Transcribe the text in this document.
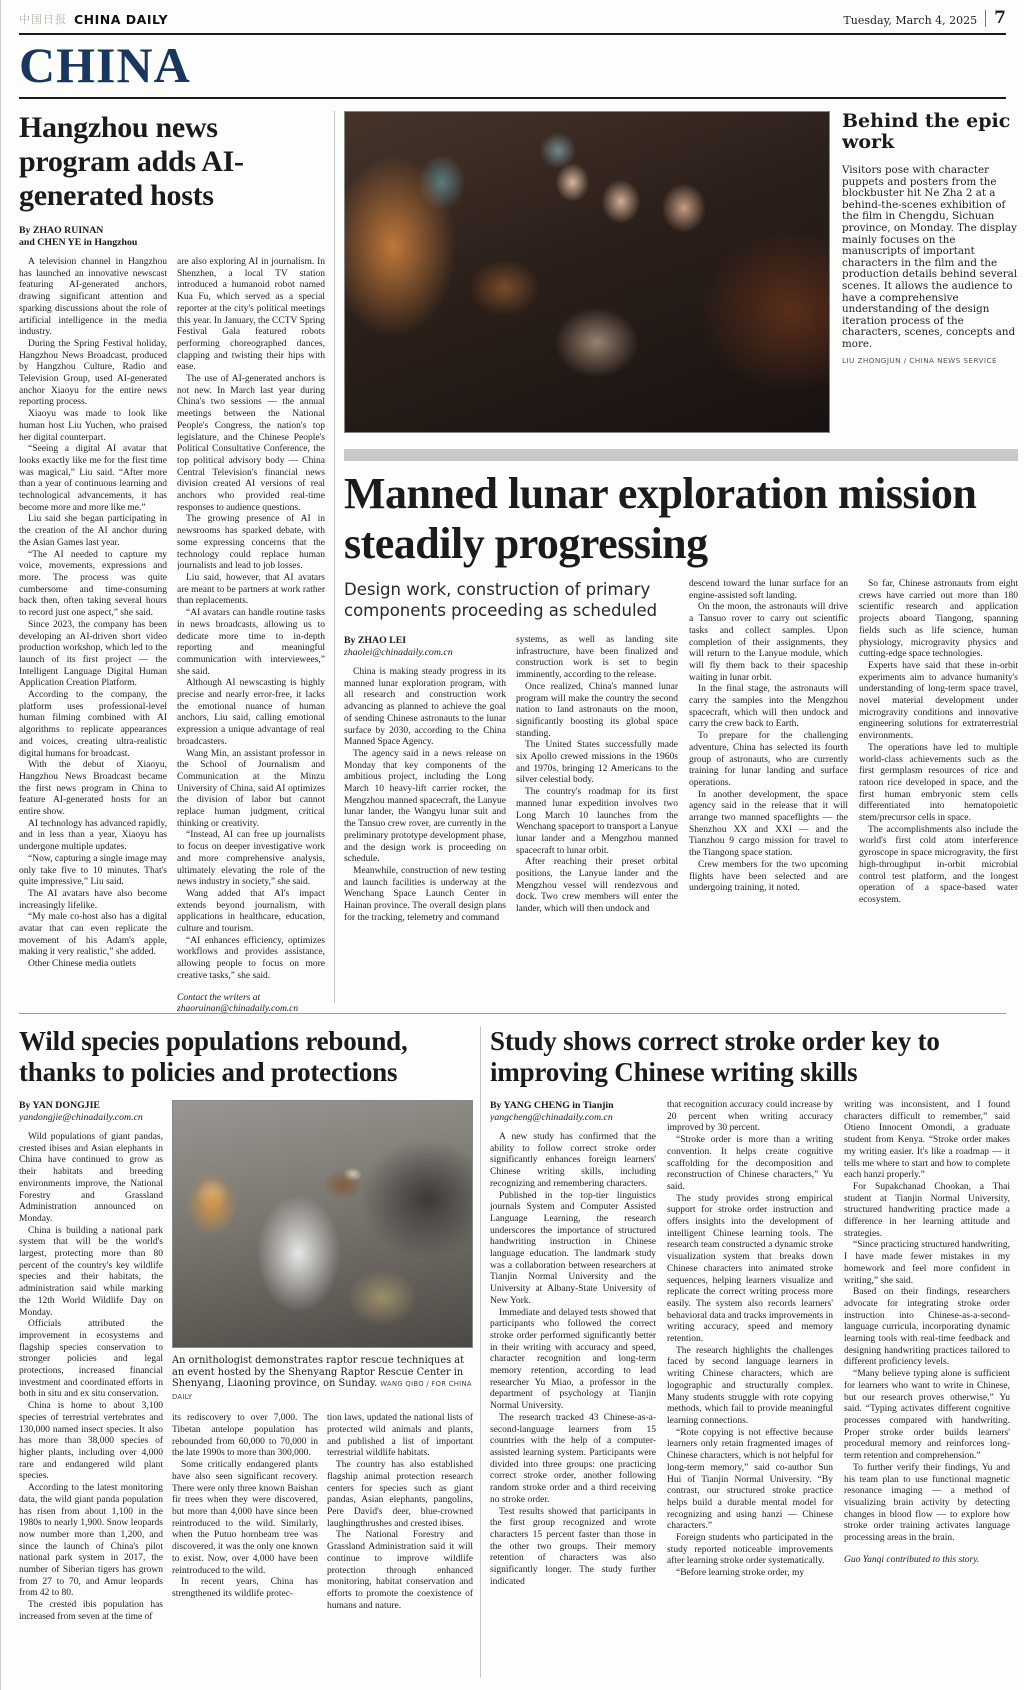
中国日报 CHINA DAILY	Tuesday, March 4, 2025	7
CHINA
Hangzhou news program adds AI-generated hosts
By ZHAO RUINAN
and CHEN YE in Hangzhou

A television channel in Hangzhou has launched an innovative newscast featuring AI-generated anchors, drawing significant attention and sparking discussions about the role of artificial intelligence in the media industry.

During the Spring Festival holiday, Hangzhou News Broadcast, produced by Hangzhou Culture, Radio and Television Group, used AI-generated anchor Xiaoyu for the entire news reporting process.

Xiaoyu was made to look like human host Liu Yuchen, who praised her digital counterpart.

“Seeing a digital AI avatar that looks exactly like me for the first time was magical,” Liu said. “After more than a year of continuous learning and technological advancements, it has become more and more like me.”

Liu said she began participating in the creation of the AI anchor during the Asian Games last year.

“The AI needed to capture my voice, movements, expressions and more. The process was quite cumbersome and time-consuming back then, often taking several hours to record just one aspect,” she said.

Since 2023, the company has been developing an AI-driven short video production workshop, which led to the launch of its first project — the Intelligent Language Digital Human Application Creation Platform.

According to the company, the platform uses professional-level human filming combined with AI algorithms to replicate appearances and voices, creating ultra-realistic digital humans for broadcast.

With the debut of Xiaoyu, Hangzhou News Broadcast became the first news program in China to feature AI-generated hosts for an entire show.

AI technology has advanced rapidly, and in less than a year, Xiaoyu has undergone multiple updates.

“Now, capturing a single image may only take five to 10 minutes. That's quite impressive,” Liu said.

The AI avatars have also become increasingly lifelike.

“My male co-host also has a digital avatar that can even replicate the movement of his Adam's apple, making it very realistic,” she added.

Other Chinese media outlets

are also exploring AI in journalism. In Shenzhen, a local TV station introduced a humanoid robot named Kua Fu, which served as a special reporter at the city's political meetings this year. In January, the CCTV Spring Festival Gala featured robots performing choreographed dances, clapping and twisting their hips with ease.

The use of AI-generated anchors is not new. In March last year during China's two sessions — the annual meetings between the National People's Congress, the nation's top legislature, and the Chinese People's Political Consultative Conference, the top political advisory body — China Central Television's financial news division created AI versions of real anchors who provided real-time responses to audience questions.

The growing presence of AI in newsrooms has sparked debate, with some expressing concerns that the technology could replace human journalists and lead to job losses.

Liu said, however, that AI avatars are meant to be partners at work rather than replacements.

“AI avatars can handle routine tasks in news broadcasts, allowing us to dedicate more time to in-depth reporting and meaningful communication with interviewees,” she said.

Although AI newscasting is highly precise and nearly error-free, it lacks the emotional nuance of human anchors, Liu said, calling emotional expression a unique advantage of real broadcasters.

Wang Min, an assistant professor in the School of Journalism and Communication at the Minzu University of China, said AI optimizes the division of labor but cannot replace human judgment, critical thinking or creativity.

“Instead, AI can free up journalists to focus on deeper investigative work and more comprehensive analysis, ultimately elevating the role of the news industry in society,” she said.

Wang added that AI's impact extends beyond journalism, with applications in healthcare, education, culture and tourism.

“AI enhances efficiency, optimizes workflows and provides assistance, allowing people to focus on more creative tasks,” she said.

Contact the writers at zhaoruinan@chinadaily.com.cn
Behind the epic work
Visitors pose with character puppets and posters from the blockbuster hit Ne Zha 2 at a behind-the-scenes exhibition of the film in Chengdu, Sichuan province, on Monday. The display mainly focuses on the manuscripts of important characters in the film and the production details behind several scenes. It allows the audience to have a comprehensive understanding of the design iteration process of the characters, scenes, concepts and more.
LIU ZHONGJUN / CHINA NEWS SERVICE
Manned lunar exploration mission steadily progressing
Design work, construction of primary components proceeding as scheduled
By ZHAO LEI
zhaolei@chinadaily.com.cn

China is making steady progress in its manned lunar exploration program, with all research and construction work advancing as planned to achieve the goal of sending Chinese astronauts to the lunar surface by 2030, according to the China Manned Space Agency.

The agency said in a news release on Monday that key components of the ambitious project, including the Long March 10 heavy-lift carrier rocket, the Mengzhou manned spacecraft, the Lanyue lunar lander, the Wangyu lunar suit and the Tansuo crew rover, are currently in the preliminary prototype development phase, and the design work is proceeding on schedule.

Meanwhile, construction of new testing and launch facilities is underway at the Wenchang Space Launch Center in Hainan province. The overall design plans for the tracking, telemetry and command

systems, as well as landing site infrastructure, have been finalized and construction work is set to begin imminently, according to the release.

Once realized, China's manned lunar program will make the country the second nation to land astronauts on the moon, significantly boosting its global space standing.

The United States successfully made six Apollo crewed missions in the 1960s and 1970s, bringing 12 Americans to the silver celestial body.

The country's roadmap for its first manned lunar expedition involves two Long March 10 launches from the Wenchang spaceport to transport a Lanyue lunar lander and a Mengzhou manned spacecraft to lunar orbit.

After reaching their preset orbital positions, the Lanyue lander and the Mengzhou vessel will rendezvous and dock. Two crew members will enter the lander, which will then undock and

descend toward the lunar surface for an engine-assisted soft landing.

On the moon, the astronauts will drive a Tansuo rover to carry out scientific tasks and collect samples. Upon completion of their assignments, they will return to the Lanyue module, which will fly them back to their spaceship waiting in lunar orbit.

In the final stage, the astronauts will carry the samples into the Mengzhou spacecraft, which will then undock and carry the crew back to Earth.

To prepare for the challenging adventure, China has selected its fourth group of astronauts, who are currently training for lunar landing and surface operations.

In another development, the space agency said in the release that it will arrange two manned spaceflights — the Shenzhou XX and XXI — and the Tianzhou 9 cargo mission for travel to the Tiangong space station.

Crew members for the two upcoming flights have been selected and are undergoing training, it noted.

So far, Chinese astronauts from eight crews have carried out more than 180 scientific research and application projects aboard Tiangong, spanning fields such as life science, human physiology, microgravity physics and cutting-edge space technologies.

Experts have said that these in-orbit experiments aim to advance humanity's understanding of long-term space travel, novel material development under microgravity conditions and innovative engineering solutions for extraterrestrial environments.

The operations have led to multiple world-class achievements such as the first germplasm resources of rice and ratoon rice developed in space, and the first human embryonic stem cells differentiated into hematopoietic stem/precursor cells in space.

The accomplishments also include the world's first cold atom interference gyroscope in space microgravity, the first high-throughput in-orbit microbial control test platform, and the longest operation of a space-based water ecosystem.

Wild species populations rebound, thanks to policies and protections
By YAN DONGJIE
yandongjie@chinadaily.com.cn

Wild populations of giant pandas, crested ibises and Asian elephants in China have continued to grow as their habitats and breeding environments improve, the National Forestry and Grassland Administration announced on Monday.

China is building a national park system that will be the world's largest, protecting more than 80 percent of the country's key wildlife species and their habitats, the administration said while marking the 12th World Wildlife Day on Monday.

Officials attributed the improvement in ecosystems and flagship species conservation to stronger policies and legal protections, increased financial investment and coordinated efforts in both in situ and ex situ conservation.

China is home to about 3,100 species of terrestrial vertebrates and 130,000 named insect species. It also has more than 38,000 species of higher plants, including over 4,000 rare and endangered wild plant species.

According to the latest monitoring data, the wild giant panda population has risen from about 1,100 in the 1980s to nearly 1,900. Snow leopards now number more than 1,200, and since the launch of China's pilot national park system in 2017, the number of Siberian tigers has grown from 27 to 70, and Amur leopards from 42 to 80.

The crested ibis population has increased from seven at the time of

An ornithologist demonstrates raptor rescue techniques at an event hosted by the Shenyang Raptor Rescue Center in Shenyang, Liaoning province, on Sunday. WANG QIBO / FOR CHINA DAILY

its rediscovery to over 7,000. The Tibetan antelope population has rebounded from 60,000 to 70,000 in the late 1990s to more than 300,000.

Some critically endangered plants have also seen significant recovery. There were only three known Baishan fir trees when they were discovered, but more than 4,000 have since been reintroduced to the wild. Similarly, when the Putuo hornbeam tree was discovered, it was the only one known to exist. Now, over 4,000 have been reintroduced to the wild.

In recent years, China has strengthened its wildlife protec-

tion laws, updated the national lists of protected wild animals and plants, and published a list of important terrestrial wildlife habitats.

The country has also established flagship animal protection research centers for species such as giant pandas, Asian elephants, pangolins, Pere David's deer, blue-crowned laughingthrushes and crested ibises.

The National Forestry and Grassland Administration said it will continue to improve wildlife protection through enhanced monitoring, habitat conservation and efforts to promote the coexistence of humans and nature.

Study shows correct stroke order key to improving Chinese writing skills
By YANG CHENG in Tianjin
yangcheng@chinadaily.com.cn

A new study has confirmed that the ability to follow correct stroke order significantly enhances foreign learners' Chinese writing skills, including recognizing and remembering characters.

Published in the top-tier linguistics journals System and Computer Assisted Language Learning, the research underscores the importance of structured handwriting instruction in Chinese language education. The landmark study was a collaboration between researchers at Tianjin Normal University and the University at Albany-State University of New York.

Immediate and delayed tests showed that participants who followed the correct stroke order performed significantly better in their writing with accuracy and speed, character recognition and long-term memory retention, according to lead researcher Yu Miao, a professor in the department of psychology at Tianjin Normal University.

The research tracked 43 Chinese-as-a-second-language learners from 15 countries with the help of a computer-assisted learning system. Participants were divided into three groups: one practicing correct stroke order, another following random stroke order and a third receiving no stroke order.

Test results showed that participants in the first group recognized and wrote characters 15 percent faster than those in the other two groups. Their memory retention of characters was also significantly longer. The study further indicated

that recognition accuracy could increase by 20 percent when writing accuracy improved by 30 percent.

“Stroke order is more than a writing convention. It helps create cognitive scaffolding for the decomposition and reconstruction of Chinese characters,” Yu said.

The study provides strong empirical support for stroke order instruction and offers insights into the development of intelligent Chinese learning tools. The research team constructed a dynamic stroke visualization system that breaks down Chinese characters into animated stroke sequences, helping learners visualize and replicate the correct writing process more easily. The system also records learners' behavioral data and tracks improvements in writing accuracy, speed and memory retention.

The research highlights the challenges faced by second language learners in writing Chinese characters, which are logographic and structurally complex. Many students struggle with rote copying methods, which fail to provide meaningful learning connections.

“Rote copying is not effective because learners only retain fragmented images of Chinese characters, which is not helpful for long-term memory,” said co-author Sun Hui of Tianjin Normal University. “By contrast, our structured stroke practice helps build a durable mental model for recognizing and using hanzi — Chinese characters.”

Foreign students who participated in the study reported noticeable improvements after learning stroke order systematically.

“Before learning stroke order, my

writing was inconsistent, and I found characters difficult to remember,” said Otieno Innocent Omondi, a graduate student from Kenya. “Stroke order makes my writing easier. It's like a roadmap — it tells me where to start and how to complete each hanzi properly.”

For Supakchanad Chookan, a Thai student at Tianjin Normal University, structured handwriting practice made a difference in her learning attitude and strategies.

“Since practicing structured handwriting, I have made fewer mistakes in my homework and feel more confident in writing,” she said.

Based on their findings, researchers advocate for integrating stroke order instruction into Chinese-as-a-second-language curricula, incorporating dynamic learning tools with real-time feedback and designing handwriting practices tailored to different proficiency levels.

“Many believe typing alone is sufficient for learners who want to write in Chinese, but our research proves otherwise,” Yu said. “Typing activates different cognitive processes compared with handwriting. Proper stroke order builds learners' procedural memory and reinforces long-term retention and comprehension.”

To further verify their findings, Yu and his team plan to use functional magnetic resonance imaging — a method of visualizing brain activity by detecting changes in blood flow — to explore how stroke order training activates language processing areas in the brain.

Guo Yanqi contributed to this story.
